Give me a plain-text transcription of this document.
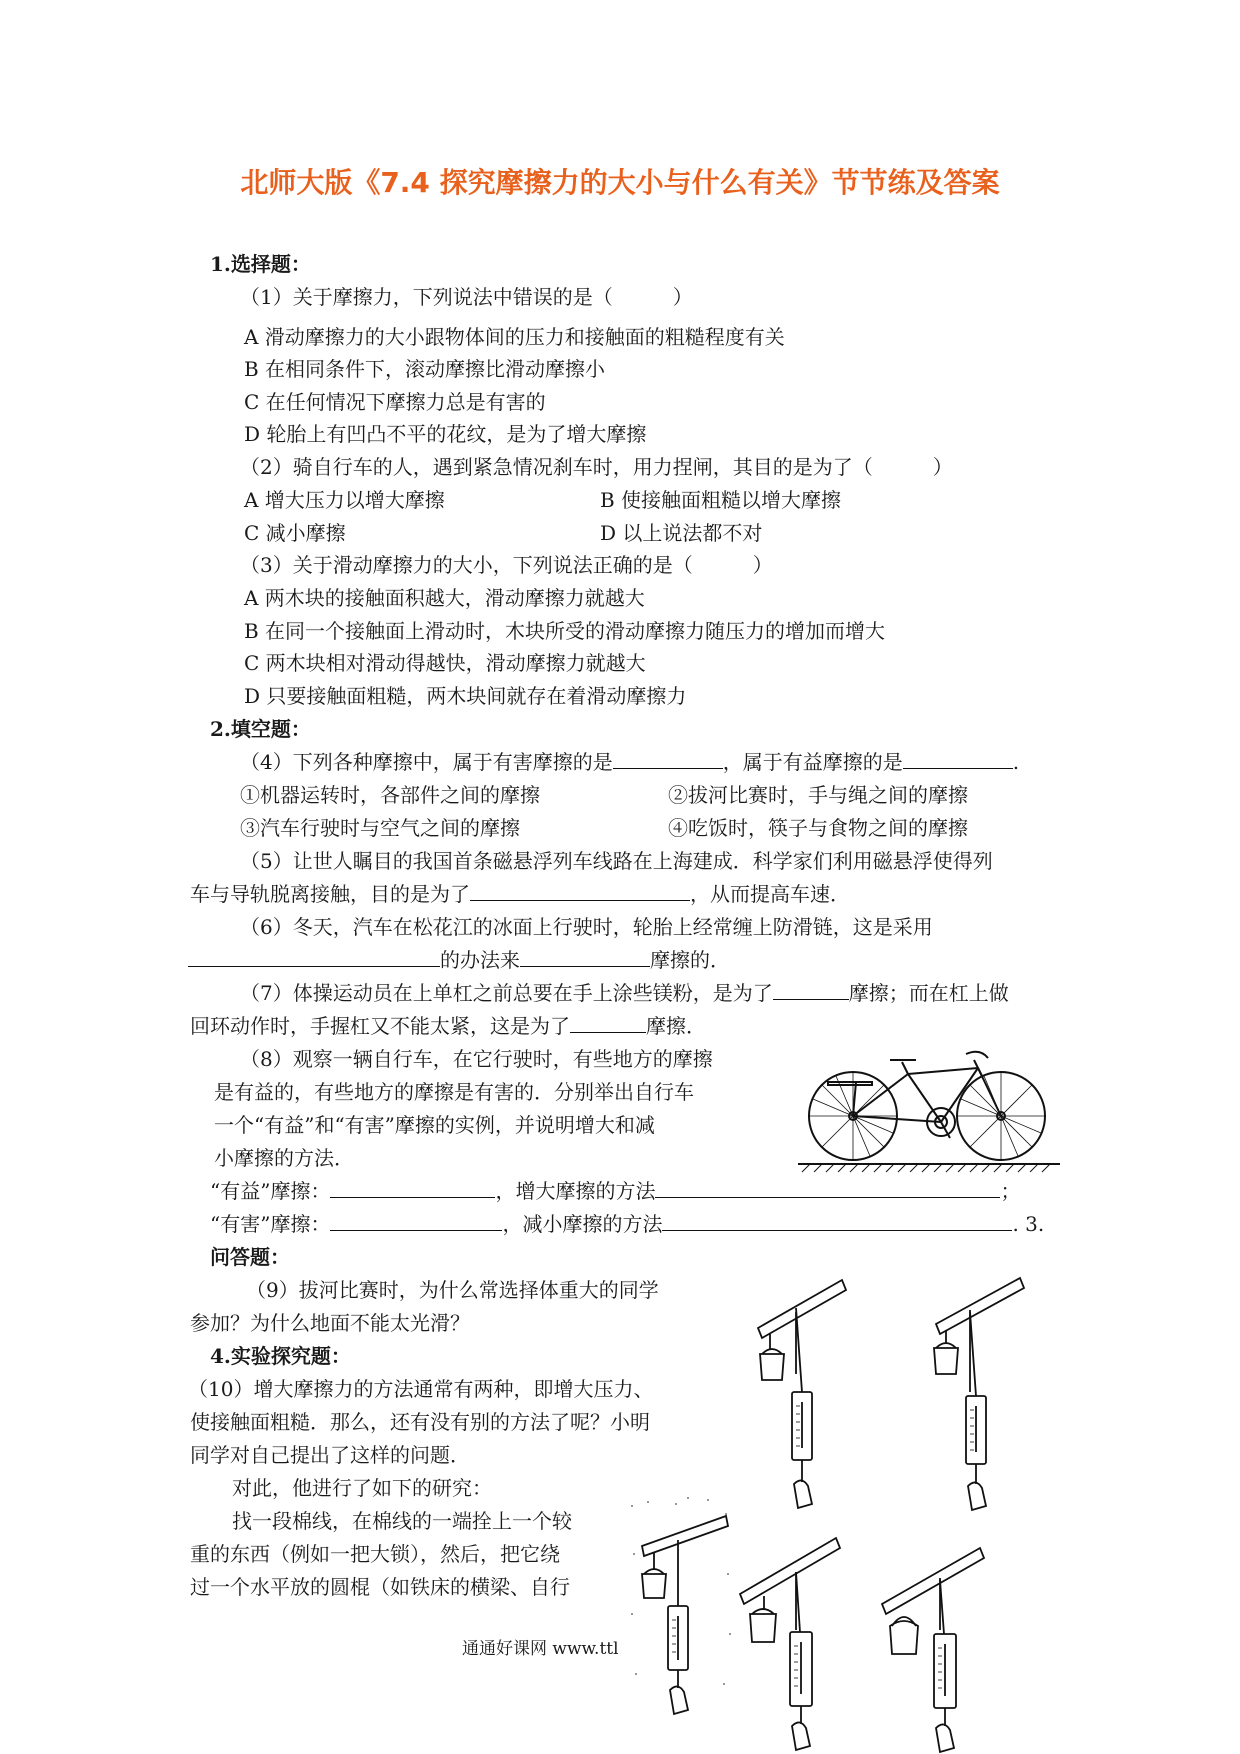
北师大版《7.4 探究摩擦力的大小与什么有关》节节练及答案
1.选择题：
（1）关于摩擦力，下列说法中错误的是（　　　）
A 滑动摩擦力的大小跟物体间的压力和接触面的粗糙程度有关
B 在相同条件下，滚动摩擦比滑动摩擦小
C 在任何情况下摩擦力总是有害的
D 轮胎上有凹凸不平的花纹，是为了增大摩擦
（2）骑自行车的人，遇到紧急情况刹车时，用力捏闸，其目的是为了（　　　）
A 增大压力以增大摩擦	B 使接触面粗糙以增大摩擦
C 减小摩擦	D 以上说法都不对
（3）关于滑动摩擦力的大小，下列说法正确的是（　　　）
A 两木块的接触面积越大，滑动摩擦力就越大
B 在同一个接触面上滑动时，木块所受的滑动摩擦力随压力的增加而增大
C 两木块相对滑动得越快，滑动摩擦力就越大
D 只要接触面粗糙，两木块间就存在着滑动摩擦力
2.填空题：
（4）下列各种摩擦中，属于有害摩擦的是	，属于有益摩擦的是	.
①机器运转时，各部件之间的摩擦	②拔河比赛时，手与绳之间的摩擦
③汽车行驶时与空气之间的摩擦	④吃饭时，筷子与食物之间的摩擦
（5）让世人瞩目的我国首条磁悬浮列车线路在上海建成．科学家们利用磁悬浮使得列
车与导轨脱离接触，目的是为了	，从而提高车速．
（6）冬天，汽车在松花江的冰面上行驶时，轮胎上经常缠上防滑链，这是采用
的办法来	摩擦的．
（7）体操运动员在上单杠之前总要在手上涂些镁粉，是为了	摩擦；而在杠上做
回环动作时，手握杠又不能太紧，这是为了	摩擦．
（8）观察一辆自行车，在它行驶时，有些地方的摩擦
是有益的，有些地方的摩擦是有害的．分别举出自行车
一个“有益”和“有害”摩擦的实例，并说明增大和减
小摩擦的方法．
“有益”摩擦：	，增大摩擦的方法	；
“有害”摩擦：	，减小摩擦的方法	. 3.
问答题：
（9）拔河比赛时，为什么常选择体重大的同学
参加？为什么地面不能太光滑？
4.实验探究题：
（10）增大摩擦力的方法通常有两种，即增大压力、
使接触面粗糙．那么，还有没有别的方法了呢？小明
同学对自己提出了这样的问题．
对此，他进行了如下的研究：
找一段棉线，在棉线的一端拴上一个较
重的东西（例如一把大锁），然后，把它绕
过一个水平放的圆棍（如铁床的横梁、自行
通通好课网 www.ttl
